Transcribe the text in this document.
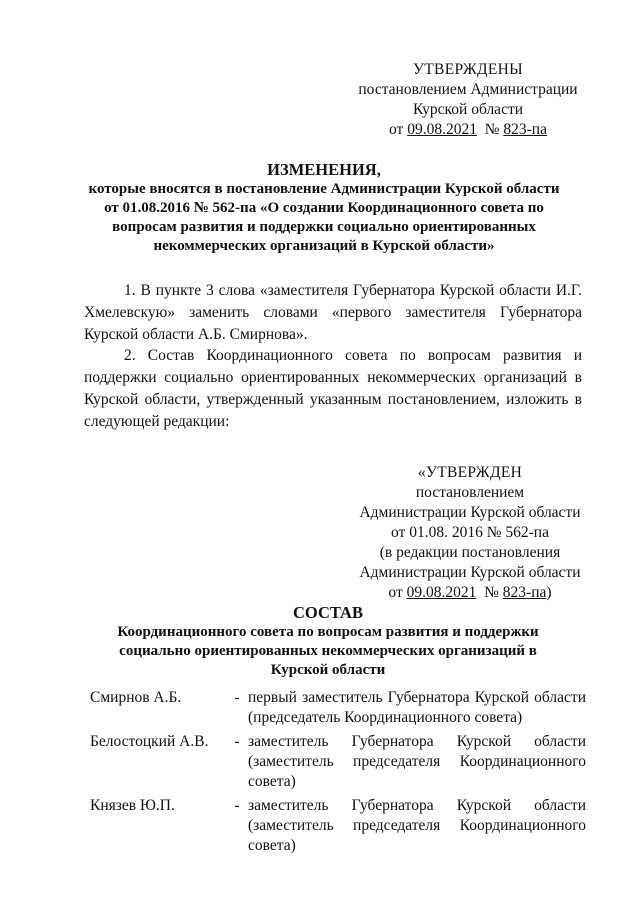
УТВЕРЖДЕНЫ
постановлением Администрации
Курской области
от 09.08.2021 № 823-па
ИЗМЕНЕНИЯ,
которые вносятся в постановление Администрации Курской области от 01.08.2016 № 562-па «О создании Координационного совета по вопросам развития и поддержки социально ориентированных некоммерческих организаций в Курской области»
1. В пункте 3 слова «заместителя Губернатора Курской области И.Г. Хмелевскую» заменить словами «первого заместителя Губернатора Курской области А.Б. Смирнова».
2. Состав Координационного совета по вопросам развития и поддержки социально ориентированных некоммерческих организаций в Курской области, утвержденный указанным постановлением, изложить в следующей редакции:
«УТВЕРЖДЕН
постановлением
Администрации Курской области
от 01.08. 2016 № 562-па
(в редакции постановления
Администрации Курской области
от 09.08.2021 № 823-па)
СОСТАВ
Координационного совета по вопросам развития и поддержки социально ориентированных некоммерческих организаций в Курской области
Смирнов А.Б.	- первый заместитель Губернатора Курской области (председатель Координационного совета)
Белостоцкий А.В.	- заместитель Губернатора Курской области (заместитель председателя Координационного совета)
Князев Ю.П.	- заместитель Губернатора Курской области (заместитель председателя Координационного совета)
